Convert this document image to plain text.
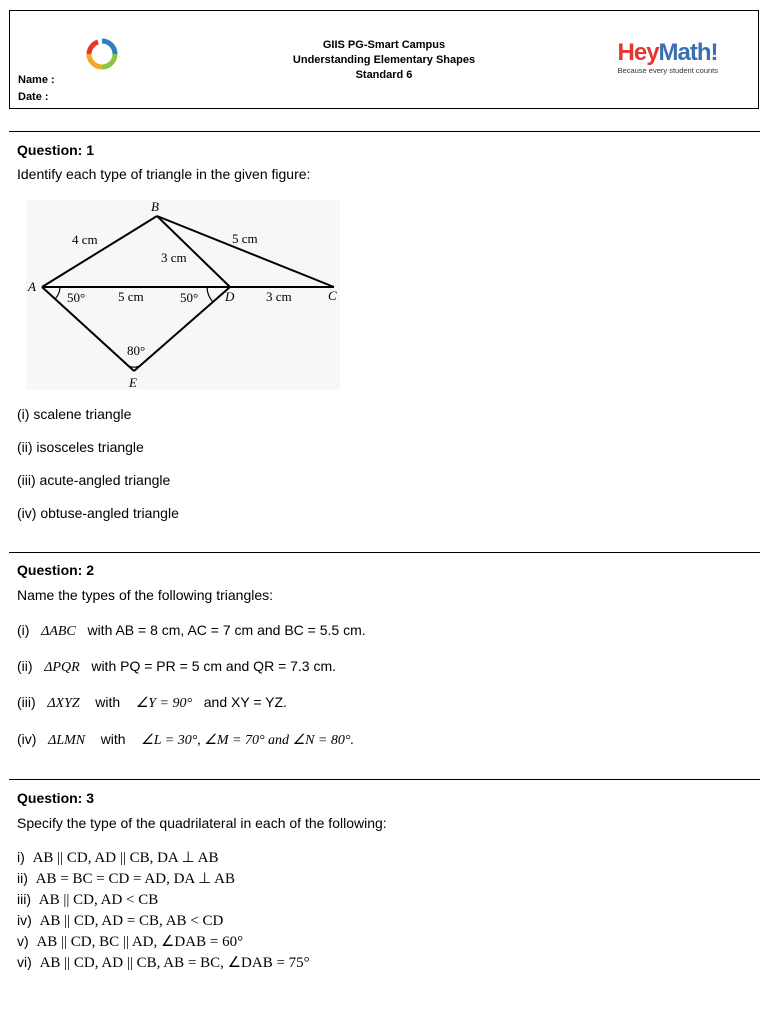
GIIS PG-Smart Campus
Understanding Elementary Shapes
Standard 6
Name :
Date :
HeyMath!
Because every student counts
Question: 1
Identify each type of triangle in the given figure:
B
A
C
D
E
4 cm	5 cm
3 cm
5 cm	3 cm
50°	50°
80°
(i) scalene triangle
(ii) isosceles triangle
(iii) acute-angled triangle
(iv) obtuse-angled triangle
Question: 2
Name the types of the following triangles:
(i) ΔABC with AB = 8 cm, AC = 7 cm and BC = 5.5 cm.
(ii) ΔPQR with PQ = PR = 5 cm and QR = 7.3 cm.
(iii) ΔXYZ with ∠Y = 90° and XY = YZ.
(iv) ΔLMN with ∠L = 30°, ∠M = 70° and ∠N = 80°.
Question: 3
Specify the type of the quadrilateral in each of the following:
i) AB || CD, AD || CB, DA ⊥ AB
ii) AB = BC = CD = AD, DA ⊥ AB
iii) AB || CD, AD < CB
iv) AB || CD, AD = CB, AB < CD
v) AB || CD, BC || AD, ∠DAB = 60°
vi) AB || CD, AD || CB, AB = BC, ∠DAB = 75°
